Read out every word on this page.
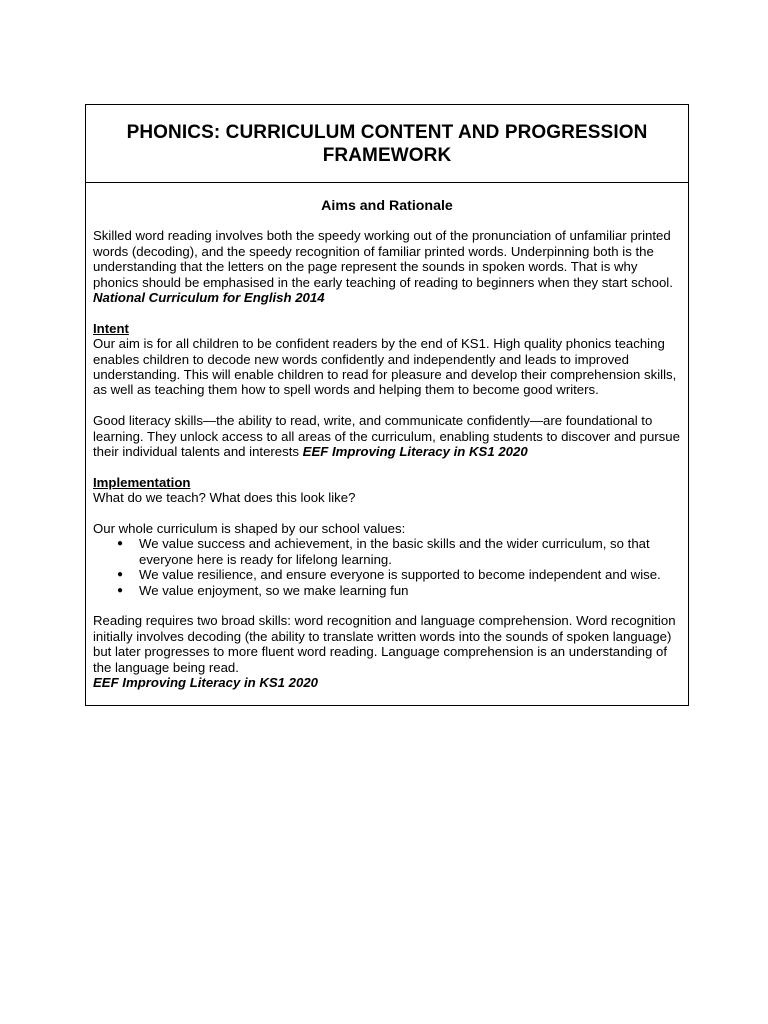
PHONICS: CURRICULUM CONTENT AND PROGRESSION FRAMEWORK
Aims and Rationale

Skilled word reading involves both the speedy working out of the pronunciation of unfamiliar printed words (decoding), and the speedy recognition of familiar printed words. Underpinning both is the understanding that the letters on the page represent the sounds in spoken words. That is why phonics should be emphasised in the early teaching of reading to beginners when they start school.

National Curriculum for English 2014

Intent

Our aim is for all children to be confident readers by the end of KS1. High quality phonics teaching enables children to decode new words confidently and independently and leads to improved understanding. This will enable children to read for pleasure and develop their comprehension skills, as well as teaching them how to spell words and helping them to become good writers.

Good literacy skills—the ability to read, write, and communicate confidently—are foundational to learning. They unlock access to all areas of the curriculum, enabling students to discover and pursue their individual talents and interests EEF Improving Literacy in KS1 2020

Implementation

What do we teach? What does this look like?

Our whole curriculum is shaped by our school values:

● We value success and achievement, in the basic skills and the wider curriculum, so that everyone here is ready for lifelong learning.
● We value resilience, and ensure everyone is supported to become independent and wise.
● We value enjoyment, so we make learning fun

Reading requires two broad skills: word recognition and language comprehension. Word recognition initially involves decoding (the ability to translate written words into the sounds of spoken language) but later progresses to more fluent word reading. Language comprehension is an understanding of the language being read.

EEF Improving Literacy in KS1 2020
